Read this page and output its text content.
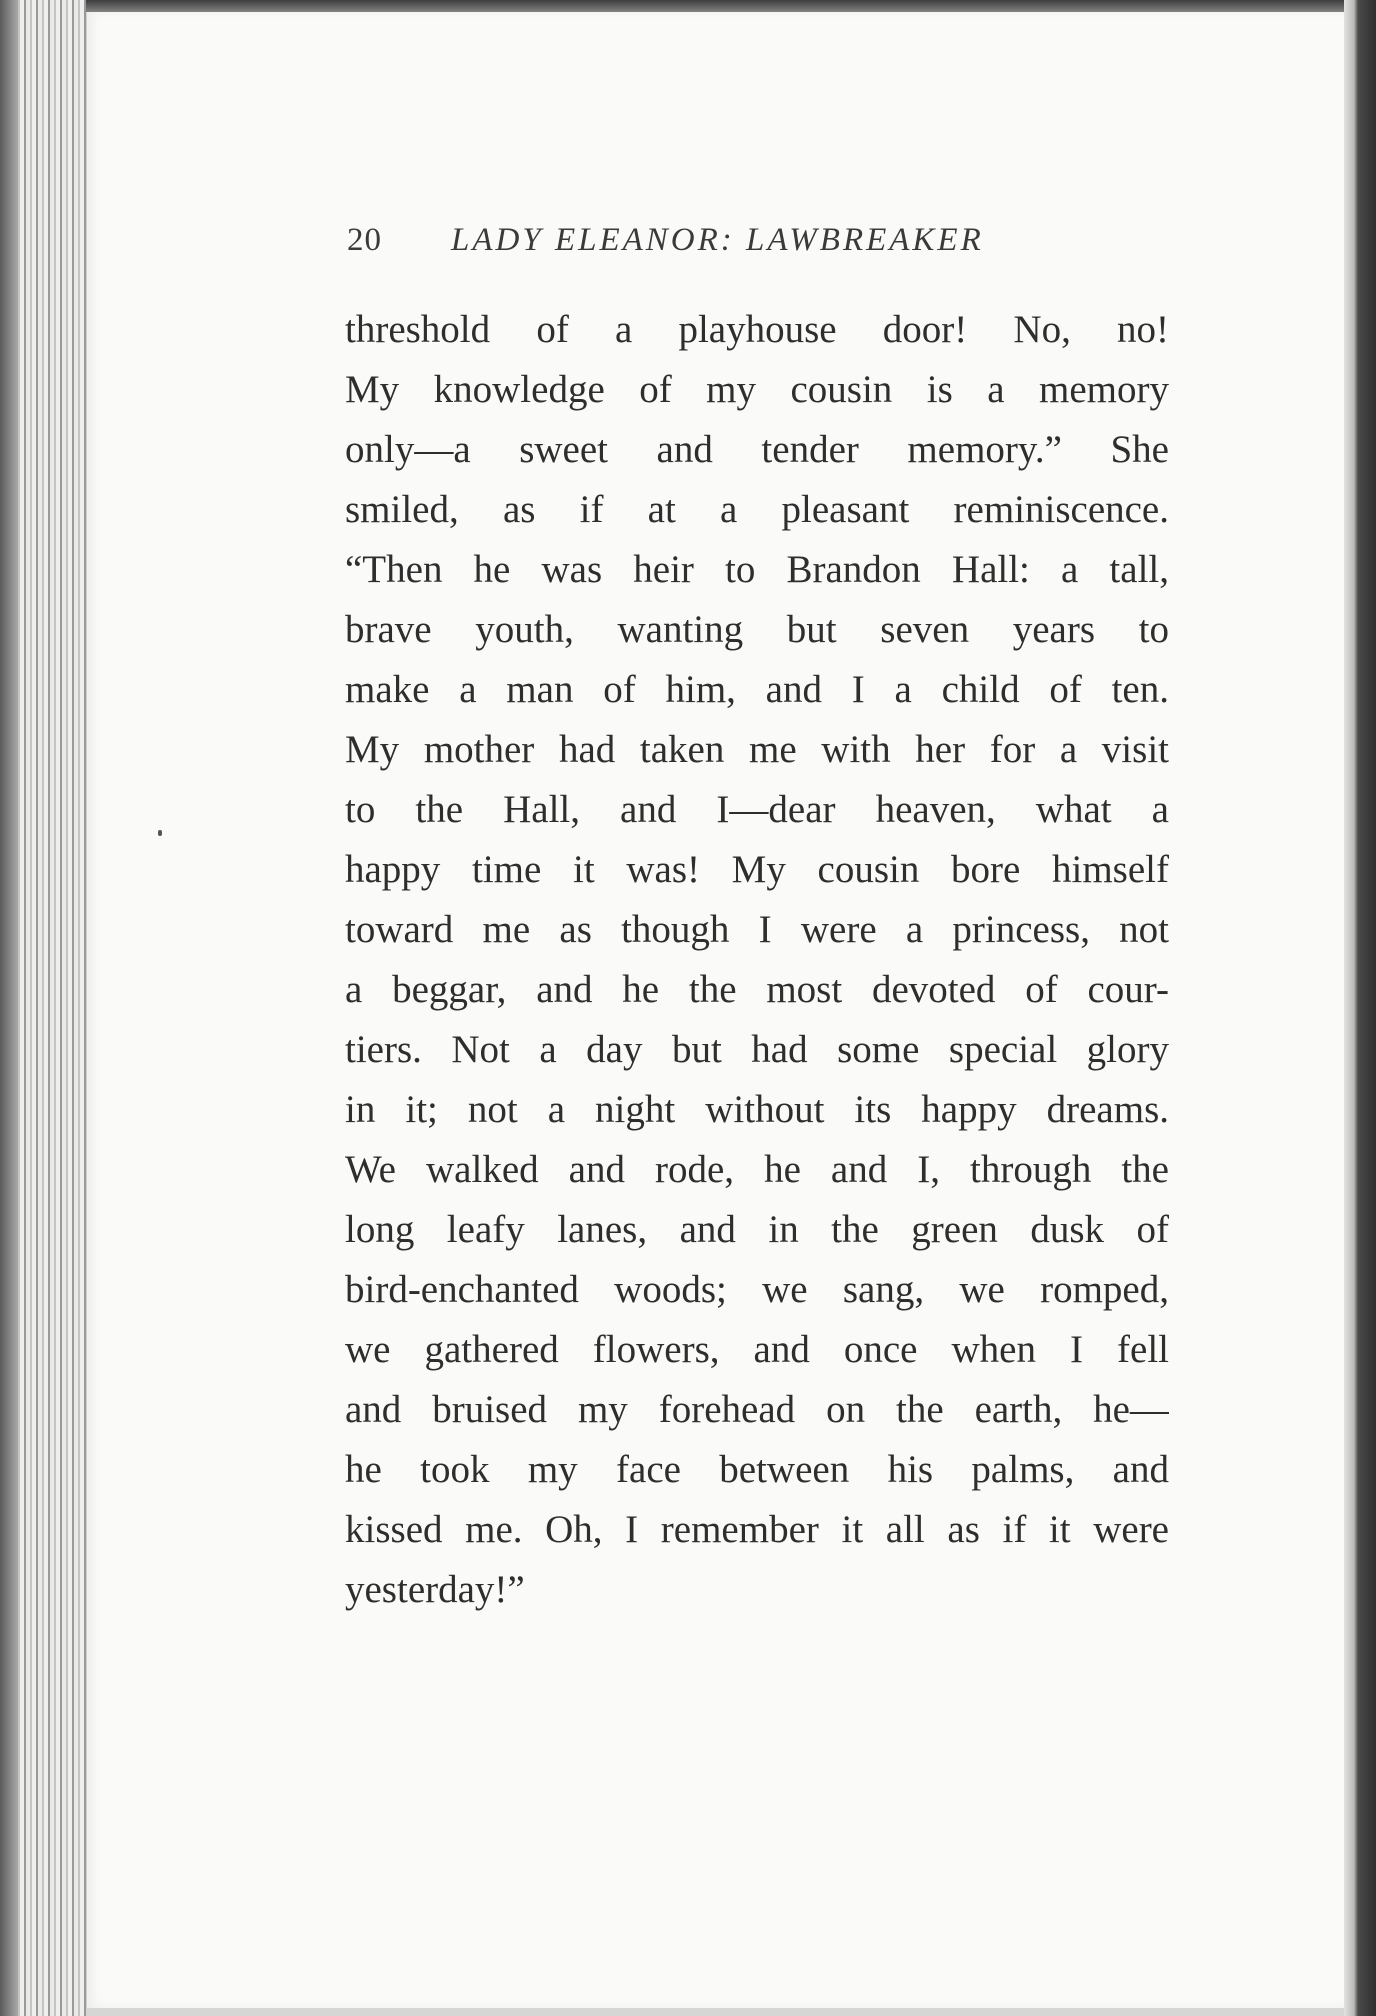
20 LADY ELEANOR: LAWBREAKER
threshold of a playhouse door! No, no!
My knowledge of my cousin is a memory
only—a sweet and tender memory.” She
smiled, as if at a pleasant reminiscence.
“Then he was heir to Brandon Hall: a tall,
brave youth, wanting but seven years to
make a man of him, and I a child of ten.
My mother had taken me with her for a visit
to the Hall, and I—dear heaven, what a
happy time it was! My cousin bore himself
toward me as though I were a princess, not
a beggar, and he the most devoted of cour-
tiers. Not a day but had some special glory
in it; not a night without its happy dreams.
We walked and rode, he and I, through the
long leafy lanes, and in the green dusk of
bird-enchanted woods; we sang, we romped,
we gathered flowers, and once when I fell
and bruised my forehead on the earth, he—
he took my face between his palms, and
kissed me. Oh, I remember it all as if it were
yesterday!”
